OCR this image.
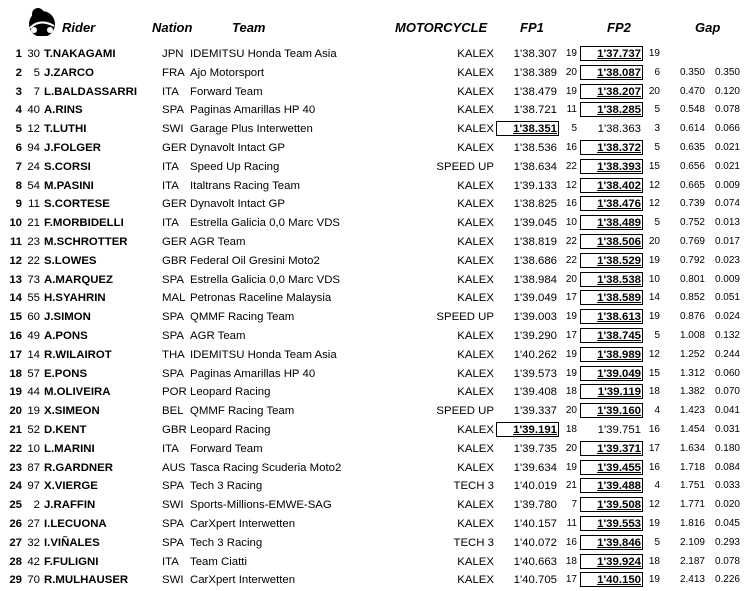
Rider	Nation	Team	MOTORCYCLE	FP1	FP2	Gap
1 30 T.NAKAGAMI	JPN IDEMITSU Honda Team Asia	KALEX	1'38.307 19	1'37.737 19
2	5 J.ZARCO	FRA Ajo Motorsport	KALEX	1'38.389 20	1'38.087	6	0.350 0.350
3	7 L.BALDASSARRI ITA Forward Team	KALEX	1'38.479 19	1'38.207 20	0.470 0.120
4 40 A.RINS	SPA Paginas Amarillas HP 40	KALEX	1'38.721 11	1'38.285	5	0.548 0.078
5 12 T.LUTHI	SWI Garage Plus Interwetten	KALEX	1'38.351	5	1'38.363	3	0.614 0.066
6 94 J.FOLGER	GER Dynavolt Intact GP	KALEX	1'38.536 16	1'38.372	5	0.635 0.021
7 24 S.CORSI	ITA Speed Up Racing	SPEED UP	1'38.634 22	1'38.393 15	0.656 0.021
8 54 M.PASINI	ITA Italtrans Racing Team	KALEX	1'39.133 12	1'38.402 12	0.665 0.009
9 11 S.CORTESE	GER Dynavolt Intact GP	KALEX	1'38.825 16	1'38.476 12	0.739 0.074
10 21 F.MORBIDELLI	ITA Estrella Galicia 0,0 Marc VDS	KALEX	1'39.045 10	1'38.489	5	0.752 0.013
11 23 M.SCHROTTER	GER AGR Team	KALEX	1'38.819 22	1'38.506 20	0.769 0.017
12 22 S.LOWES	GBR Federal Oil Gresini Moto2	KALEX	1'38.686 22	1'38.529 19	0.792 0.023
13 73 A.MARQUEZ	SPA Estrella Galicia 0,0 Marc VDS	KALEX	1'38.984 20	1'38.538 10	0.801 0.009
14 55 H.SYAHRIN	MAL Petronas Raceline Malaysia	KALEX	1'39.049 17	1'38.589 14	0.852 0.051
15 60 J.SIMON	SPA QMMF Racing Team	SPEED UP	1'39.003 19	1'38.613 19	0.876 0.024
16 49 A.PONS	SPA AGR Team	KALEX	1'39.290 17	1'38.745	5	1.008 0.132
17 14 R.WILAIROT	THA IDEMITSU Honda Team Asia	KALEX	1'40.262 19	1'38.989 12	1.252 0.244
18 57 E.PONS	SPA Paginas Amarillas HP 40	KALEX	1'39.573 19	1'39.049 15	1.312 0.060
19 44 M.OLIVEIRA	POR Leopard Racing	KALEX	1'39.408 18	1'39.119 18	1.382 0.070
20 19 X.SIMEON	BEL QMMF Racing Team	SPEED UP	1'39.337 20	1'39.160	4	1.423 0.041
21 52 D.KENT	GBR Leopard Racing	KALEX	1'39.191 18	1'39.751 16	1.454 0.031
22 10 L.MARINI	ITA Forward Team	KALEX	1'39.735 20	1'39.371 17	1.634 0.180
23 87 R.GARDNER	AUS Tasca Racing Scuderia Moto2	KALEX	1'39.634 19	1'39.455 16	1.718 0.084
24 97 X.VIERGE	SPA Tech 3 Racing	TECH 3	1'40.019 21	1'39.488	4	1.751 0.033
25	2 J.RAFFIN	SWI Sports-Millions-EMWE-SAG	KALEX	1'39.780	7	1'39.508 12	1.771 0.020
26 27 I.LECUONA	SPA CarXpert Interwetten	KALEX	1'40.157 11	1'39.553 19	1.816 0.045
27 32 I.VIÑALES	SPA Tech 3 Racing	TECH 3	1'40.072 16	1'39.846	5	2.109 0.293
28 42 F.FULIGNI	ITA Team Ciatti	KALEX	1'40.663 18	1'39.924 18	2.187 0.078
29 70 R.MULHAUSER	SWI CarXpert Interwetten	KALEX	1'40.705 17	1'40.150 19	2.413 0.226
